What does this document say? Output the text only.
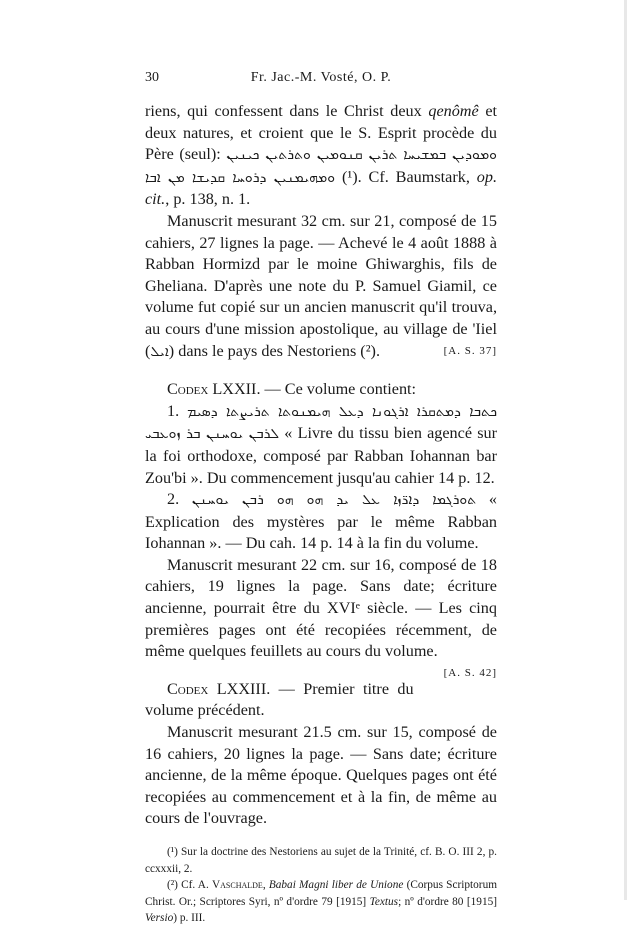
30	Fr. Jac.-M. Vosté, O. P.

riens, qui confessent dans le Christ deux qenômê et deux natures, et croient que le S. Esprit procède du Père (seul): ܘܡܘܕܝܢ ܒܡܫܝܚܐ ܬܪܝܢ ܩܢܘܡܝܢ ܘܬܪܬܝܢ ܟܝܢܝܢ ܘܡܗܝܡܢܝܢ ܕܪܘܚܐ ܩܕܝܫܐ ܡܢ ܐܒܐ (¹). Cf. Baumstark, op. cit., p. 138, n. 1.

Manuscrit mesurant 32 cm. sur 21, composé de 15 cahiers, 27 lignes la page. — Achevé le 4 août 1888 à Rabban Hormizd par le moine Ghiwarghis, fils de Gheliana. D'après une note du P. Samuel Giamil, ce volume fut copié sur un ancien manuscrit qu'il trouva, au cours d'une mission apostolique, au village de 'Iiel (ܐܝܠ) dans le pays des Nestoriens (²).	[A. S. 37]

Codex LXXII. — Ce volume contient:

1. ܟܬܒܐ ܕܡܬܩܪܐ ܐܪܓܘܢܐ ܕܥܠ ܗܝܡܢܘܬܐ ܬܪܝܨܬܐ ܕܣܝܡ ܠܪܒܢ ܝܘܚܢܢ ܒܪ ܙܘܥܒܝ « Livre du tissu bien agencé sur la foi orthodoxe, composé par Rabban Iohannan bar Zou'bi ». Du commencement jusqu'au cahier 14 p. 12.

2. ܬܘܪܓܡܐ ܕܐܪ̈ܙܐ ܥܠ ܝܕ ܗܘ ܗܘ ܪܒܢ ܝܘܚܢܢ « Explication des mystères par le même Rabban Iohannan ». — Du cah. 14 p. 14 à la fin du volume.

Manuscrit mesurant 22 cm. sur 16, composé de 18 cahiers, 19 lignes la page. Sans date; écriture ancienne, pourrait être du XVIᵉ siècle. — Les cinq premières pages ont été recopiées récemment, de même quelques feuillets au cours du volume.
[A. S. 42]

Codex LXXIII. — Premier titre du volume précédent.

Manuscrit mesurant 21.5 cm. sur 15, composé de 16 cahiers, 20 lignes la page. — Sans date; écriture ancienne, de la même époque. Quelques pages ont été recopiées au commencement et à la fin, de même au cours de l'ouvrage.

(¹) Sur la doctrine des Nestoriens au sujet de la Trinité, cf. B. O. III 2, p. ccxxxii, 2.

(²) Cf. A. Vaschalde, Babai Magni liber de Unione (Corpus Scriptorum Christ. Or.; Scriptores Syri, nº d'ordre 79 [1915] Textus; nº d'ordre 80 [1915] Versio) p. III.
